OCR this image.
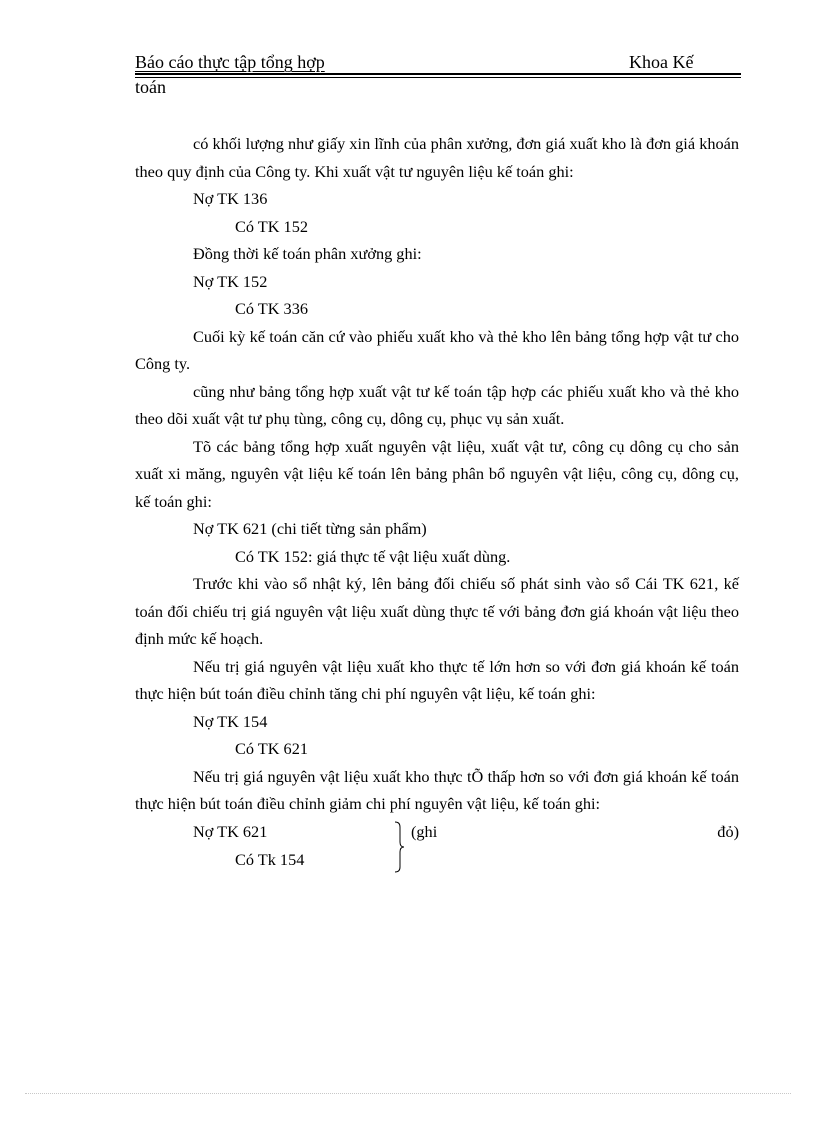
Báo cáo thực tập tổng hợp	Khoa Kế
toán

có khối lượng như giấy xin lĩnh của phân xưởng, đơn giá xuất kho là đơn giá khoán theo quy định của Công ty. Khi xuất vật tư nguyên liệu kế toán ghi:

Nợ TK 136

Có TK 152

Đồng thời kế toán phân xưởng ghi:

Nợ TK 152

Có TK 336

Cuối kỳ kế toán căn cứ vào phiếu xuất kho và thẻ kho lên bảng tổng hợp vật tư cho Công ty.

cũng như bảng tổng hợp xuất vật tư kế toán tập hợp các phiếu xuất kho và thẻ kho theo dõi xuất vật tư phụ tùng, công cụ, dông cụ, phục vụ sản xuất.

Tõ các bảng tổng hợp xuất nguyên vật liệu, xuất vật tư, công cụ dông cụ cho sản xuất xi măng, nguyên vật liệu kế toán lên bảng phân bổ nguyên vật liệu, công cụ, dông cụ, kế toán ghi:

Nợ TK 621 (chi tiết từng sản phẩm)

Có TK 152: giá thực tế vật liệu xuất dùng.

Trước khi vào sổ nhật ký, lên bảng đối chiếu số phát sinh vào sổ Cái TK 621, kế toán đối chiếu trị giá nguyên vật liệu xuất dùng thực tế với bảng đơn giá khoán vật liệu theo định mức kế hoạch.

Nếu trị giá nguyên vật liệu xuất kho thực tế lớn hơn so với đơn giá khoán kế toán thực hiện bút toán điều chỉnh tăng chi phí nguyên vật liệu, kế toán ghi:

Nợ TK 154

Có TK 621

Nếu trị giá nguyên vật liệu xuất kho thực tÕ thấp hơn so với đơn giá khoán kế toán thực hiện bút toán điều chỉnh giảm chi phí nguyên vật liệu, kế toán ghi:

Nợ TK 621
Có Tk 154
(ghi	đỏ)
